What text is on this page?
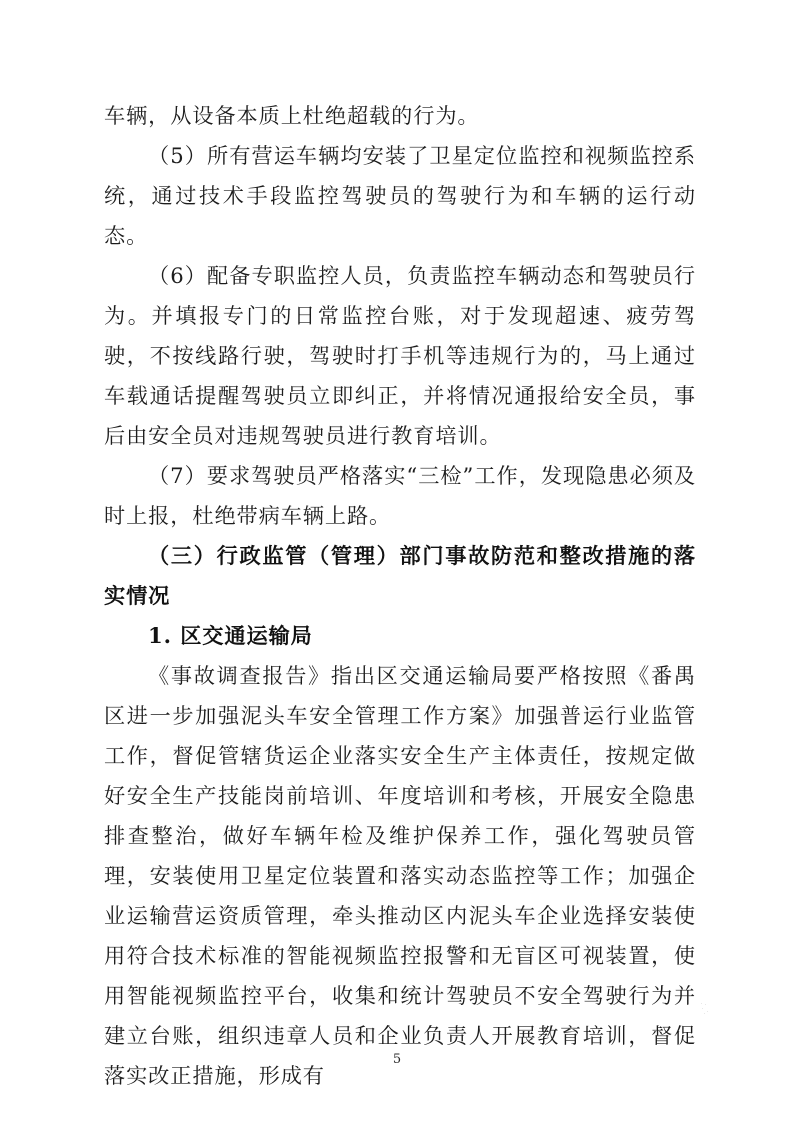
车辆，从设备本质上杜绝超载的行为。

（5）所有营运车辆均安装了卫星定位监控和视频监控系统，通过技术手段监控驾驶员的驾驶行为和车辆的运行动态。

（6）配备专职监控人员，负责监控车辆动态和驾驶员行为。并填报专门的日常监控台账，对于发现超速、疲劳驾驶，不按线路行驶，驾驶时打手机等违规行为的，马上通过车载通话提醒驾驶员立即纠正，并将情况通报给安全员，事后由安全员对违规驾驶员进行教育培训。

（7）要求驾驶员严格落实“三检”工作，发现隐患必须及时上报，杜绝带病车辆上路。

（三）行政监管（管理）部门事故防范和整改措施的落实情况

1. 区交通运输局

《事故调查报告》指出区交通运输局要严格按照《番禺区进一步加强泥头车安全管理工作方案》加强普运行业监管工作，督促管辖货运企业落实安全生产主体责任，按规定做好安全生产技能岗前培训、年度培训和考核，开展安全隐患排查整治，做好车辆年检及维护保养工作，强化驾驶员管理，安装使用卫星定位装置和落实动态监控等工作；加强企业运输营运资质管理，牵头推动区内泥头车企业选择安装使用符合技术标准的智能视频监控报警和无盲区可视装置，使用智能视频监控平台，收集和统计驾驶员不安全驾驶行为并建立台账，组织违章人员和企业负责人开展教育培训，督促落实改正措施，形成有

5
